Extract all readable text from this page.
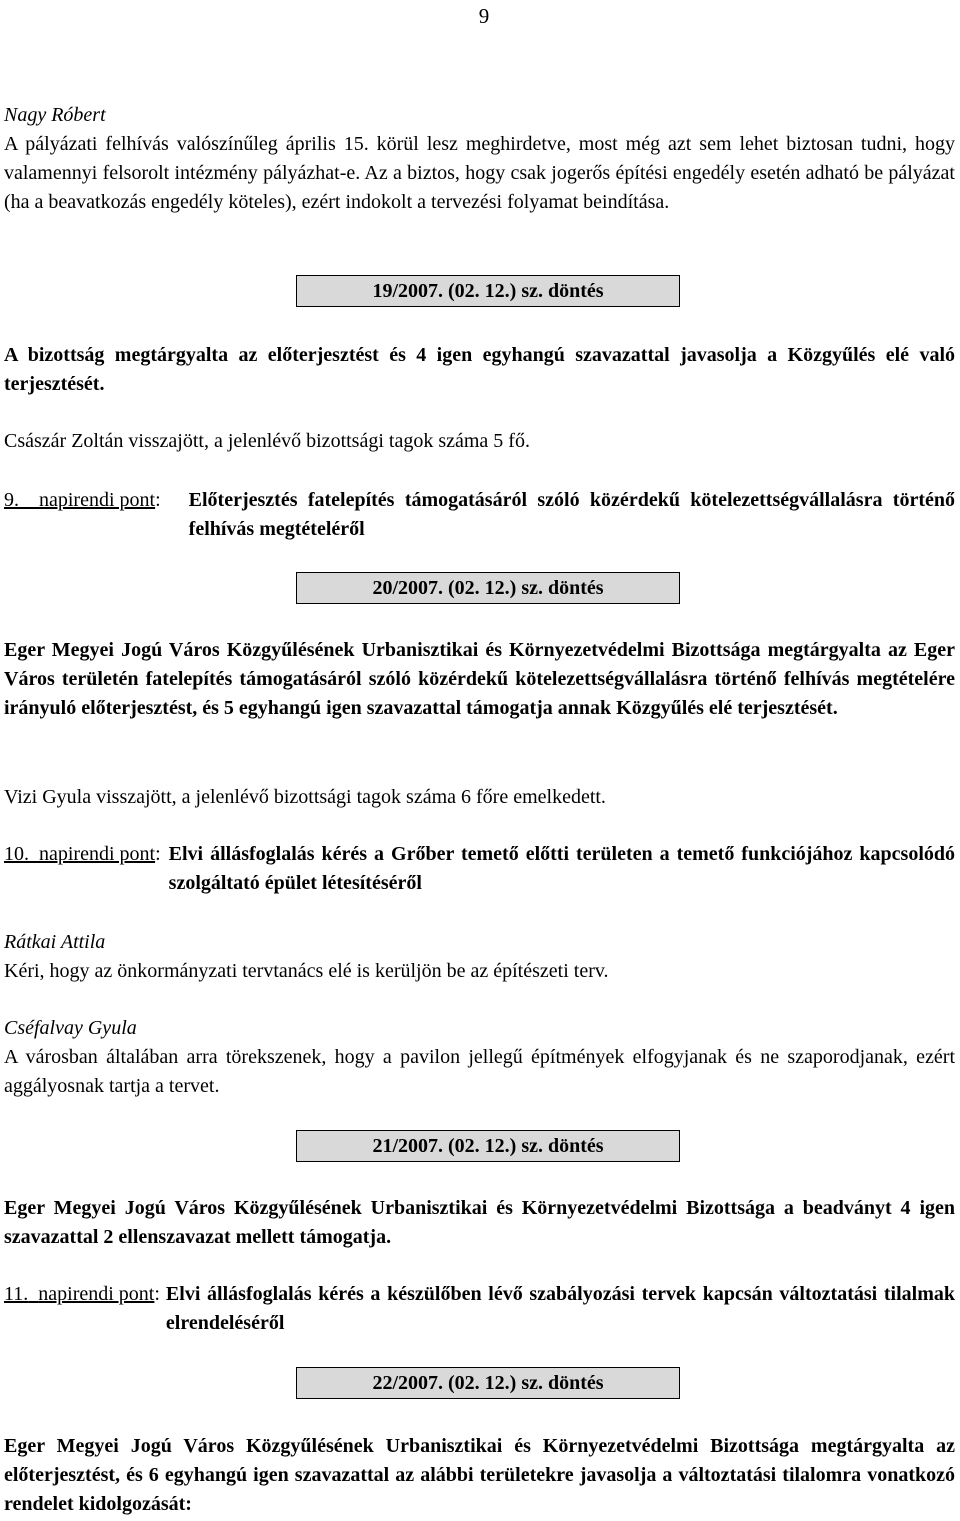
9
Nagy Róbert
A pályázati felhívás valószínűleg április 15. körül lesz meghirdetve, most még azt sem lehet biztosan tudni, hogy valamennyi felsorolt intézmény pályázhat-e. Az a biztos, hogy csak jogerős építési engedély esetén adható be pályázat (ha a beavatkozás engedély köteles), ezért indokolt a tervezési folyamat beindítása.
19/2007. (02. 12.) sz. döntés
A bizottság megtárgyalta az előterjesztést és 4 igen egyhangú szavazattal javasolja a Közgyűlés elé való terjesztését.
Császár Zoltán visszajött, a jelenlévő bizottsági tagok száma 5 fő.
9.  napirendi pont:	Előterjesztés fatelepítés támogatásáról szóló közérdekű kötelezettségvállalásra történő felhívás megtételéről
20/2007. (02. 12.) sz. döntés
Eger Megyei Jogú Város Közgyűlésének Urbanisztikai és Környezetvédelmi Bizottsága megtárgyalta az Eger Város területén fatelepítés támogatásáról szóló közérdekű kötelezettségvállalásra történő felhívás megtételére irányuló előterjesztést, és 5 egyhangú igen szavazattal támogatja annak Közgyűlés elé terjesztését.
Vizi Gyula visszajött, a jelenlévő bizottsági tagok száma 6 főre emelkedett.
10.  napirendi pont: Elvi állásfoglalás kérés a Grőber temető előtti területen a temető funkciójához kapcsolódó szolgáltató épület létesítéséről
Rátkai Attila
Kéri, hogy az önkormányzati tervtanács elé is kerüljön be az építészeti terv.
Cséfalvay Gyula
A városban általában arra törekszenek, hogy a pavilon jellegű építmények elfogyjanak és ne szaporodjanak, ezért aggályosnak tartja a tervet.
21/2007. (02. 12.) sz. döntés
Eger Megyei Jogú Város Közgyűlésének Urbanisztikai és Környezetvédelmi Bizottsága a beadványt 4 igen szavazattal 2 ellenszavazat mellett támogatja.
11.  napirendi pont: Elvi állásfoglalás kérés a készülőben lévő szabályozási tervek kapcsán változtatási tilalmak elrendeléséről
22/2007. (02. 12.) sz. döntés
Eger Megyei Jogú Város Közgyűlésének Urbanisztikai és Környezetvédelmi Bizottsága megtárgyalta az előterjesztést, és 6 egyhangú igen szavazattal az alábbi területekre javasolja a változtatási tilalomra vonatkozó rendelet kidolgozását:
